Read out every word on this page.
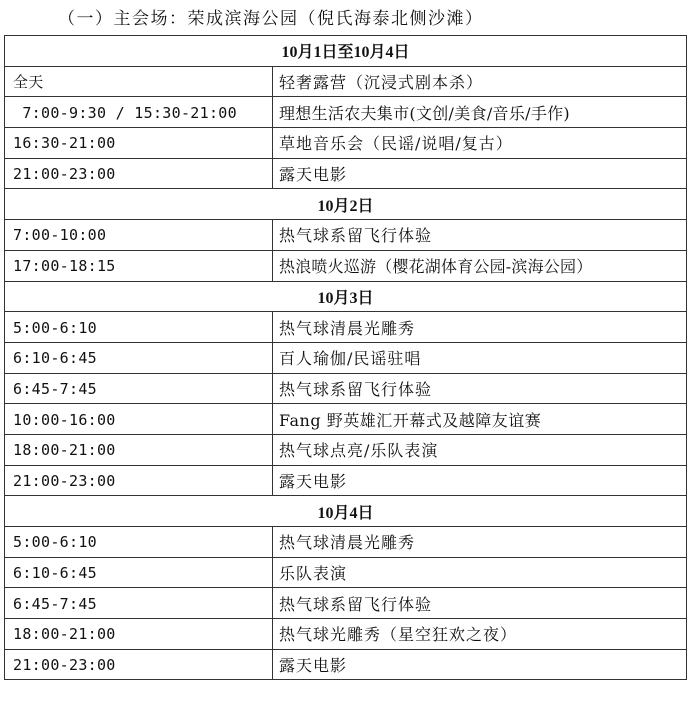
（一）主会场：荣成滨海公园（倪氏海泰北侧沙滩）
10月1日至10月4日	
全天	轻奢露营（沉浸式剧本杀）
7:00-9:30 / 15:30-21:00	理想生活农夫集市(文创/美食/音乐/手作)
16:30-21:00	草地音乐会（民谣/说唱/复古）
21:00-23:00	露天电影
10月2日	
7:00-10:00	热气球系留飞行体验
17:00-18:15	热浪喷火巡游（樱花湖体育公园-滨海公园）
10月3日	
5:00-6:10	热气球清晨光雕秀
6:10-6:45	百人瑜伽/民谣驻唱
6:45-7:45	热气球系留飞行体验
10:00-16:00	Fang 野英雄汇开幕式及越障友谊赛
18:00-21:00	热气球点亮/乐队表演
21:00-23:00	露天电影
10月4日	
5:00-6:10	热气球清晨光雕秀
6:10-6:45	乐队表演
6:45-7:45	热气球系留飞行体验
18:00-21:00	热气球光雕秀（星空狂欢之夜）
21:00-23:00	露天电影
